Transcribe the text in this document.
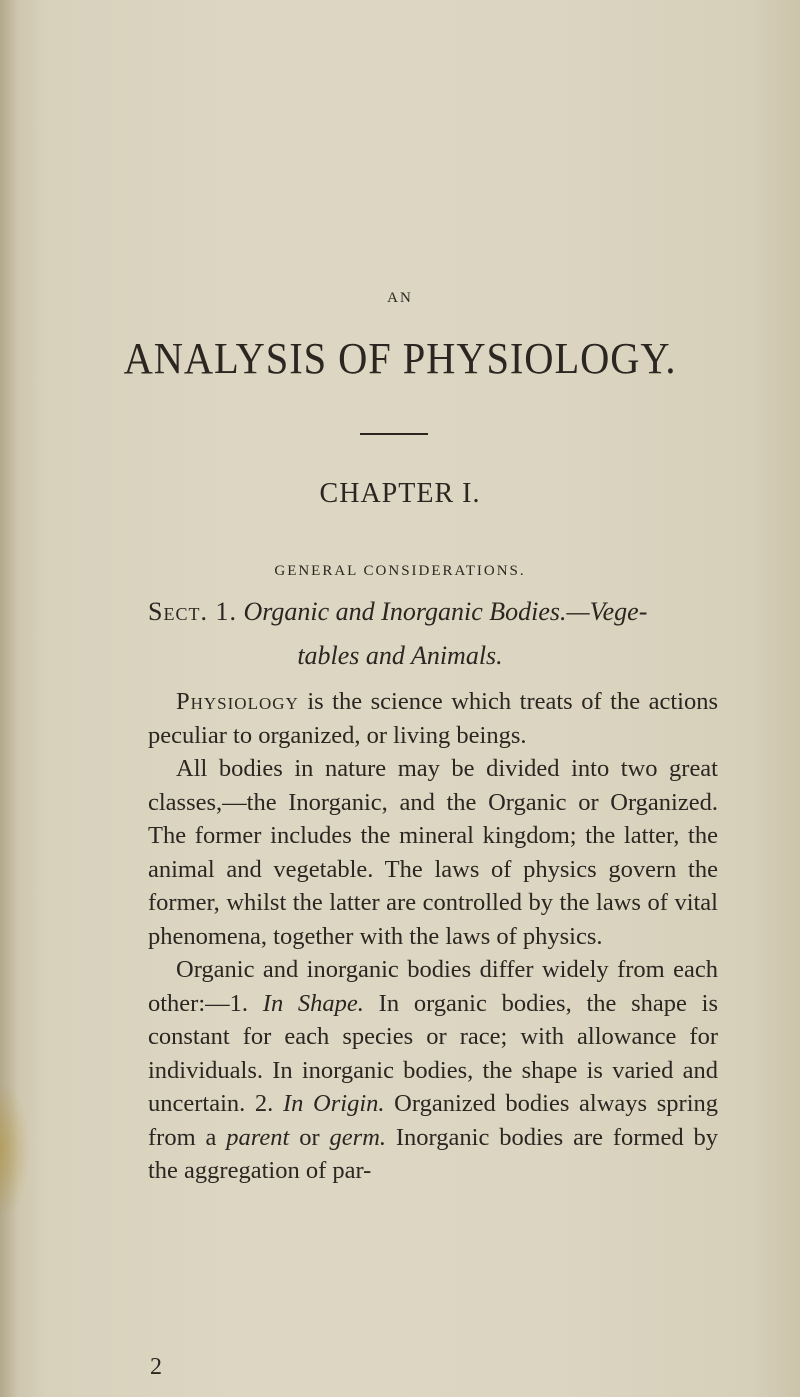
AN
ANALYSIS OF PHYSIOLOGY.
CHAPTER I.
GENERAL CONSIDERATIONS.
Sect. 1. Organic and Inorganic Bodies.—Vege-
tables and Animals.

Physiology is the science which treats of the actions peculiar to organized, or living beings.

All bodies in nature may be divided into two great classes,—the Inorganic, and the Organic or Organized. The former includes the mineral kingdom; the latter, the animal and vegetable. The laws of physics govern the former, whilst the latter are controlled by the laws of vital phenomena, together with the laws of physics.

Organic and inorganic bodies differ widely from each other:—1. In Shape. In organic bodies, the shape is constant for each species or race; with allowance for individuals. In inorganic bodies, the shape is varied and uncertain. 2. In Origin. Organized bodies always spring from a parent or germ. Inorganic bodies are formed by the aggregation of par-

2
